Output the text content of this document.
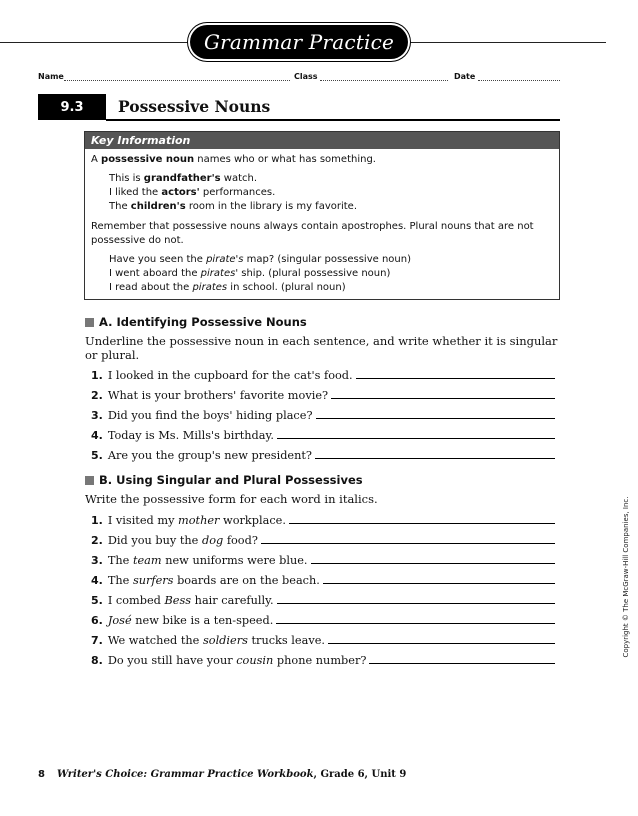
Grammar Practice
Name	Class	Date
9.3	Possessive Nouns
Key Information
A possessive noun names who or what has something.
This is grandfather's watch.
I liked the actors' performances.
The children's room in the library is my favorite.
Remember that possessive nouns always contain apostrophes. Plural nouns that are not
possessive do not.
Have you seen the pirate's map? (singular possessive noun)
I went aboard the pirates' ship. (plural possessive noun)
I read about the pirates in school. (plural noun)
A. Identifying Possessive Nouns
Underline the possessive noun in each sentence, and write whether it is singular
or plural.
1. I looked in the cupboard for the cat's food.
2. What is your brothers' favorite movie?
3. Did you find the boys' hiding place?
4. Today is Ms. Mills's birthday.
5. Are you the group's new president?
B. Using Singular and Plural Possessives
Write the possessive form for each word in italics.
1. I visited my mother workplace.
2. Did you buy the dog food?
3. The team new uniforms were blue.
4. The surfers boards are on the beach.
5. I combed Bess hair carefully.
6. José new bike is a ten-speed.
7. We watched the soldiers trucks leave.
8. Do you still have your cousin phone number?
Copyright © The McGraw-Hill Companies, Inc.
8 Writer's Choice: Grammar Practice Workbook, Grade 6, Unit 9
